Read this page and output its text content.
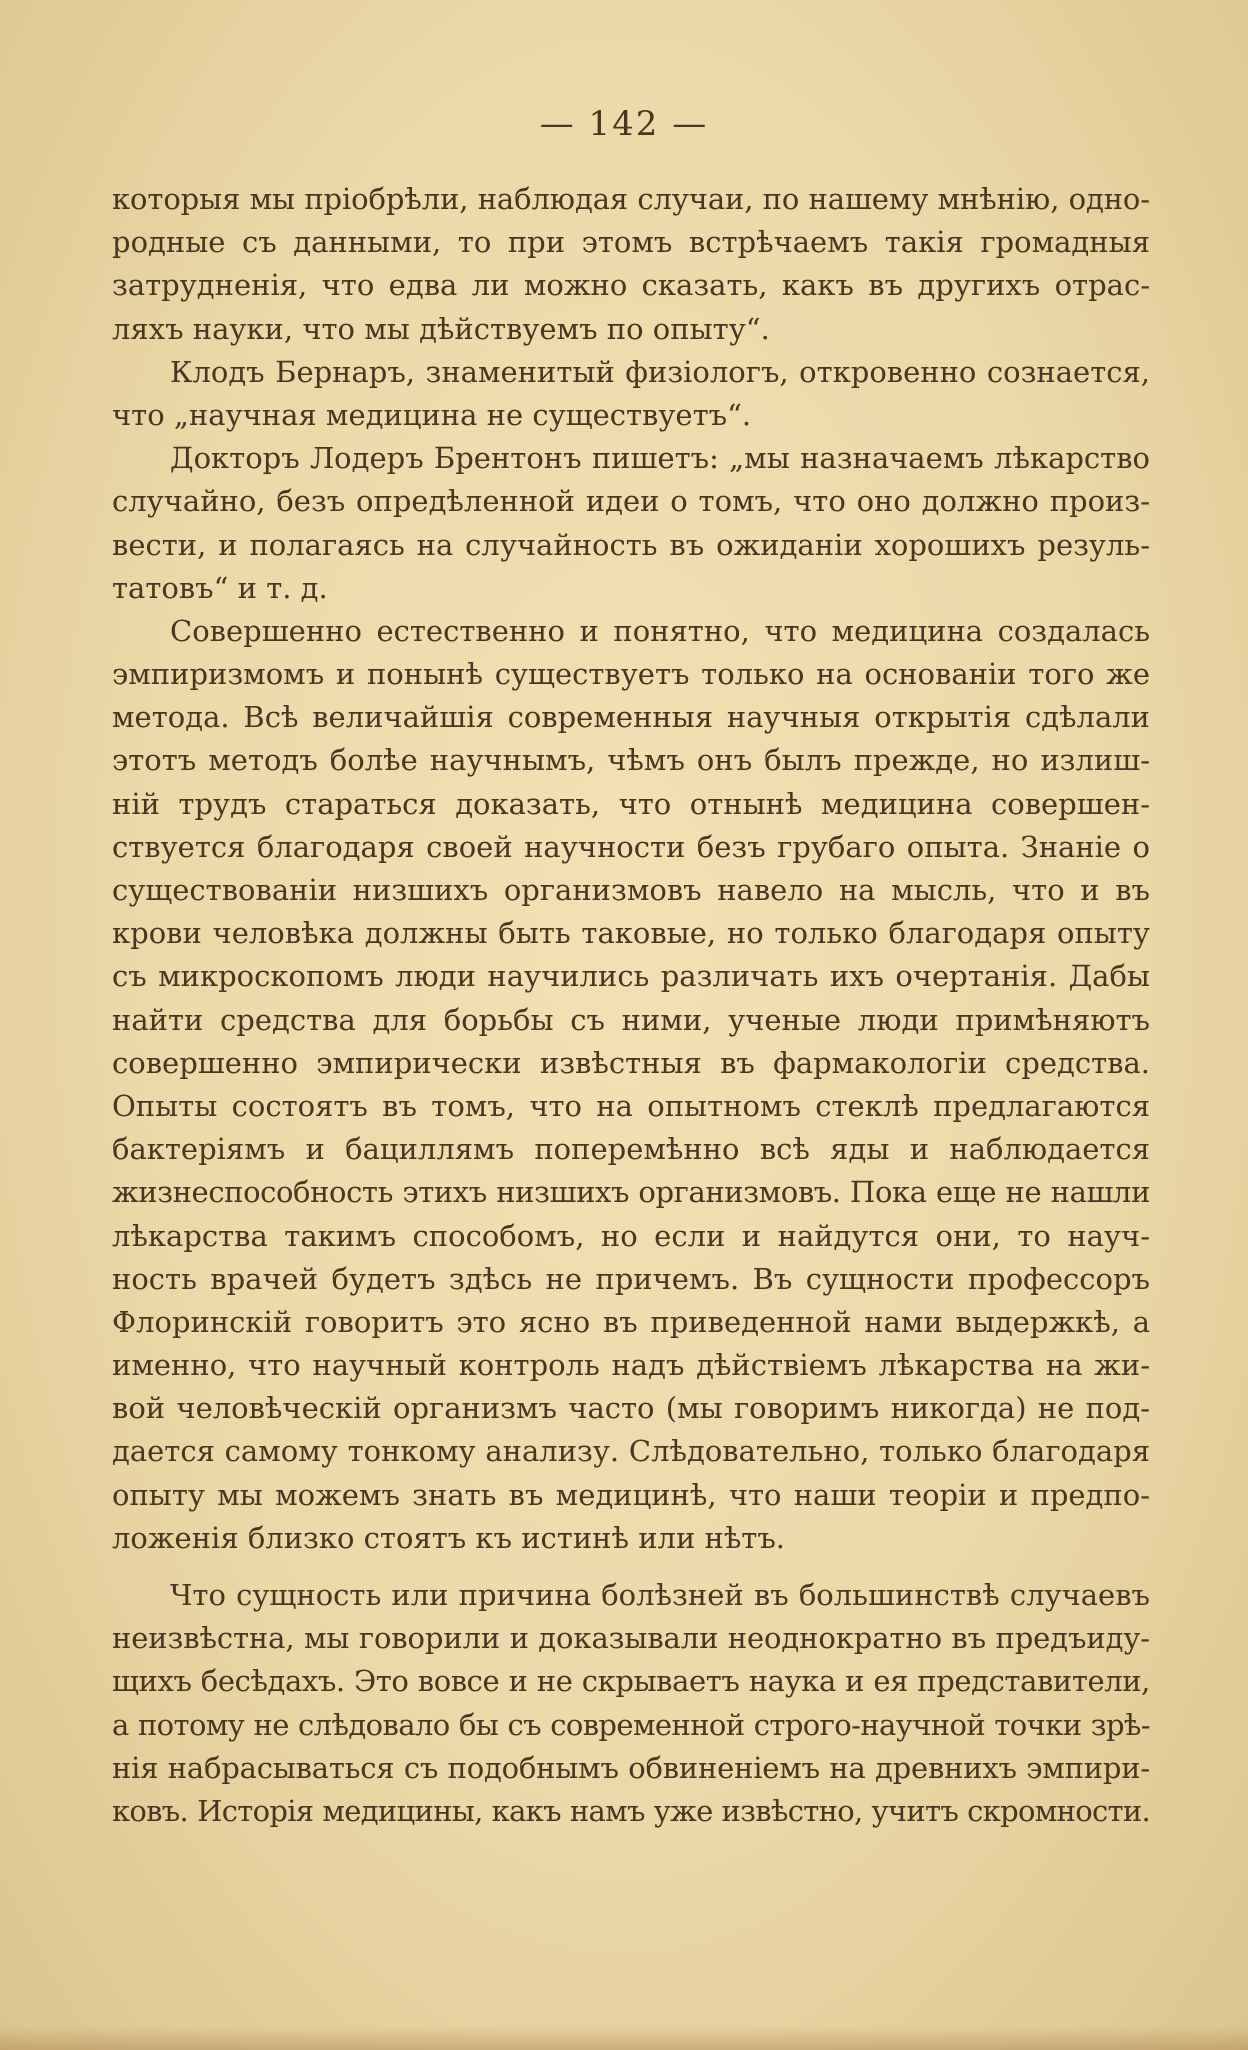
— 142 —
которыя мы пріобрѣли, наблюдая случаи, по нашему мнѣнію, одно-
родные съ данными, то при этомъ встрѣчаемъ такія громадныя
затрудненія, что едва ли можно сказать, какъ въ другихъ отрас-
ляхъ науки, что мы дѣйствуемъ по опыту“.
Клодъ Бернаръ, знаменитый физіологъ, откровенно сознается,
что „научная медицина не существуетъ“.
Докторъ Лодеръ Брентонъ пишетъ: „мы назначаемъ лѣкарство
случайно, безъ опредѣленной идеи о томъ, что оно должно произ-
вести, и полагаясь на случайность въ ожиданіи хорошихъ резуль-
татовъ“ и т. д.
Совершенно естественно и понятно, что медицина создалась
эмпиризмомъ и понынѣ существуетъ только на основаніи того же
метода. Всѣ величайшія современныя научныя открытія сдѣлали
этотъ методъ болѣе научнымъ, чѣмъ онъ былъ прежде, но излиш-
ній трудъ стараться доказать, что отнынѣ медицина совершен-
ствуется благодаря своей научности безъ грубаго опыта. Знаніе о
существованіи низшихъ организмовъ навело на мысль, что и въ
крови человѣка должны быть таковые, но только благодаря опыту
съ микроскопомъ люди научились различать ихъ очертанія. Дабы
найти средства для борьбы съ ними, ученые люди примѣняютъ
совершенно эмпирически извѣстныя въ фармакологіи средства.
Опыты состоятъ въ томъ, что на опытномъ стеклѣ предлагаются
бактеріямъ и бациллямъ поперемѣнно всѣ яды и наблюдается
жизнеспособность этихъ низшихъ организмовъ. Пока еще не нашли
лѣкарства такимъ способомъ, но если и найдутся они, то науч-
ность врачей будетъ здѣсь не причемъ. Въ сущности профессоръ
Флоринскій говоритъ это ясно въ приведенной нами выдержкѣ, а
именно, что научный контроль надъ дѣйствіемъ лѣкарства на жи-
вой человѣческій организмъ часто (мы говоримъ никогда) не под-
дается самому тонкому анализу. Слѣдовательно, только благодаря
опыту мы можемъ знать въ медицинѣ, что наши теоріи и предпо-
ложенія близко стоятъ къ истинѣ или нѣтъ.
Что сущность или причина болѣзней въ большинствѣ случаевъ
неизвѣстна, мы говорили и доказывали неоднократно въ предъиду-
щихъ бесѣдахъ. Это вовсе и не скрываетъ наука и ея представители,
а потому не слѣдовало бы съ современной строго-научной точки зрѣ-
нія набрасываться съ подобнымъ обвиненіемъ на древнихъ эмпири-
ковъ. Исторія медицины, какъ намъ уже извѣстно, учитъ скромности.
